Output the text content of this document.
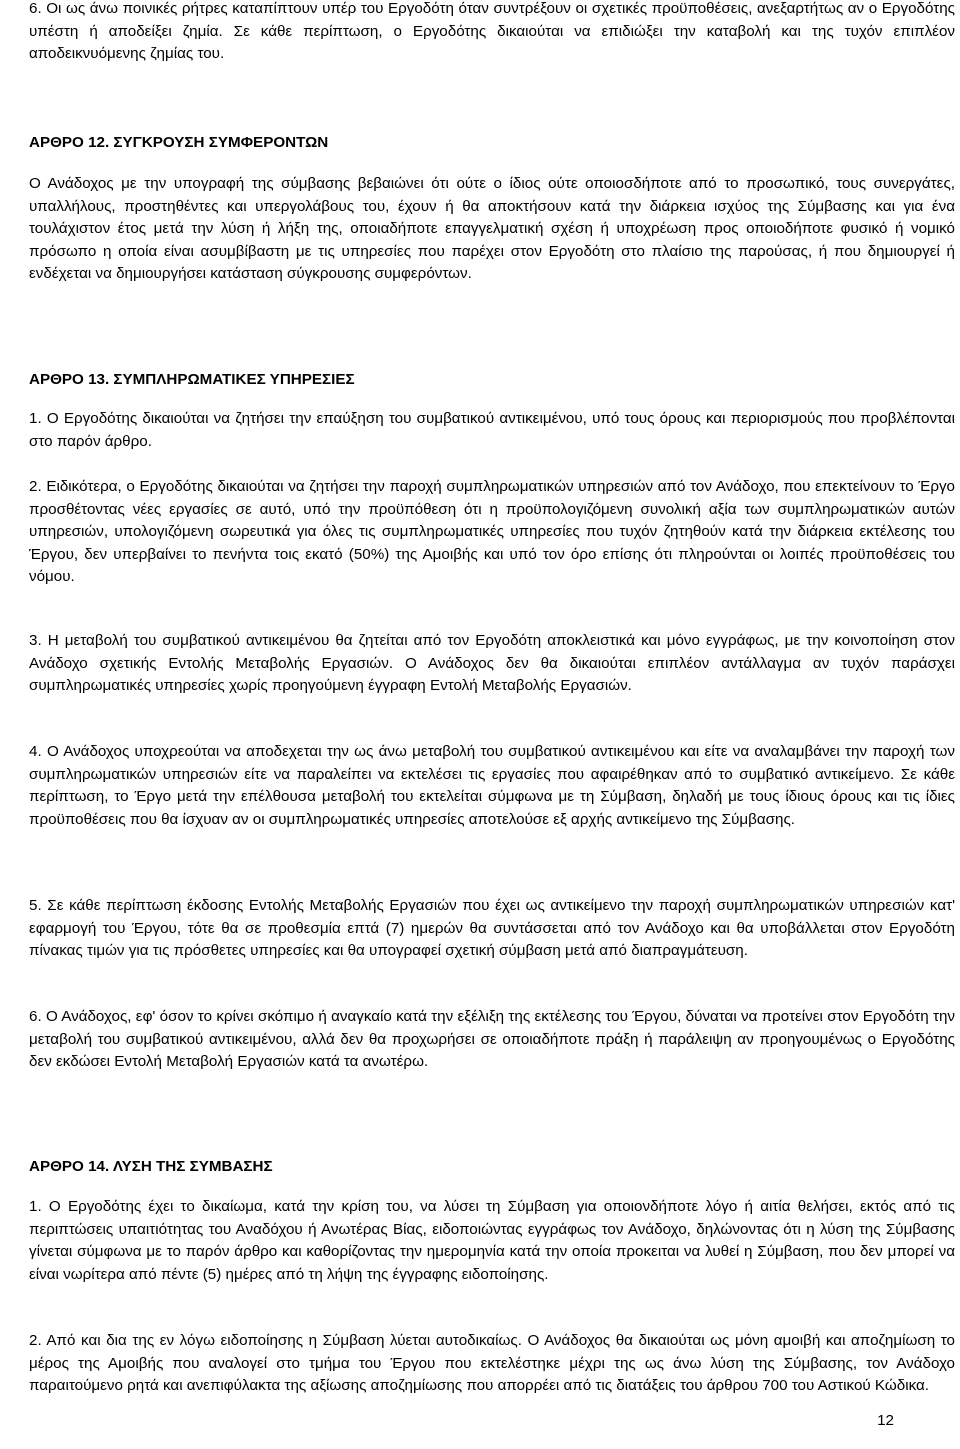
6. Οι ως άνω ποινικές ρήτρες καταπίπτουν υπέρ του Εργοδότη όταν συντρέξουν οι σχετικές προϋποθέσεις, ανεξαρτήτως αν ο Εργοδότης υπέστη ή αποδείξει ζημία. Σε κάθε περίπτωση, ο Εργοδότης δικαιούται να επιδιώξει την καταβολή και της τυχόν επιπλέον αποδεικνυόμενης ζημίας του.

ΑΡΘΡΟ 12. ΣΥΓΚΡΟΥΣΗ ΣΥΜΦΕΡΟΝΤΩΝ

Ο Ανάδοχος με την υπογραφή της σύμβασης βεβαιώνει ότι ούτε ο ίδιος ούτε οποιοσδήποτε από το προσωπικό, τους συνεργάτες, υπαλλήλους, προστηθέντες και υπεργολάβους του, έχουν ή θα αποκτήσουν κατά την διάρκεια ισχύος της Σύμβασης και για ένα τουλάχιστον έτος μετά την λύση ή λήξη της, οποιαδήποτε επαγγελματική σχέση ή υποχρέωση προς οποιοδήποτε φυσικό ή νομικό πρόσωπο η οποία είναι ασυμβίβαστη με τις υπηρεσίες που παρέχει στον Εργοδότη στο πλαίσιο της παρούσας, ή που δημιουργεί ή ενδέχεται να δημιουργήσει κατάσταση σύγκρουσης συμφερόντων.

ΑΡΘΡΟ 13. ΣΥΜΠΛΗΡΩΜΑΤΙΚΕΣ ΥΠΗΡΕΣΙΕΣ

1. Ο Εργοδότης δικαιούται να ζητήσει την επαύξηση του συμβατικού αντικειμένου, υπό τους όρους και περιορισμούς που προβλέπονται στο παρόν άρθρο.

2. Ειδικότερα, ο Εργοδότης δικαιούται να ζητήσει την παροχή συμπληρωματικών υπηρεσιών από τον Ανάδοχο, που επεκτείνουν το Έργο προσθέτοντας νέες εργασίες σε αυτό, υπό την προϋπόθεση ότι η προϋπολογιζόμενη συνολική αξία των συμπληρωματικών αυτών υπηρεσιών, υπολογιζόμενη σωρευτικά για όλες τις συμπληρωματικές υπηρεσίες που τυχόν ζητηθούν κατά την διάρκεια εκτέλεσης του Έργου, δεν υπερβαίνει το πενήντα τοις εκατό (50%) της Αμοιβής και υπό τον όρο επίσης ότι πληρούνται οι λοιπές προϋποθέσεις του νόμου.

3. Η μεταβολή του συμβατικού αντικειμένου θα ζητείται από τον Εργοδότη αποκλειστικά και μόνο εγγράφως, με την κοινοποίηση στον Ανάδοχο σχετικής Εντολής Μεταβολής Εργασιών. Ο Ανάδοχος δεν θα δικαιούται επιπλέον αντάλλαγμα αν τυχόν παράσχει συμπληρωματικές υπηρεσίες χωρίς προηγούμενη έγγραφη Εντολή Μεταβολής Εργασιών.

4. Ο Ανάδοχος υποχρεούται να αποδεχεται την ως άνω μεταβολή του συμβατικού αντικειμένου και είτε να αναλαμβάνει την παροχή των συμπληρωματικών υπηρεσιών είτε να παραλείπει να εκτελέσει τις εργασίες που αφαιρέθηκαν από το συμβατικό αντικείμενο. Σε κάθε περίπτωση, το Έργο μετά την επέλθουσα μεταβολή του εκτελείται σύμφωνα με τη Σύμβαση, δηλαδή με τους ίδιους όρους και τις ίδιες προϋποθέσεις που θα ίσχυαν αν οι συμπληρωματικές υπηρεσίες αποτελούσε εξ αρχής αντικείμενο της Σύμβασης.

5. Σε κάθε περίπτωση έκδοσης Εντολής Μεταβολής Εργασιών που έχει ως αντικείμενο την παροχή συμπληρωματικών υπηρεσιών κατ' εφαρμογή του Έργου, τότε θα σε προθεσμία επτά (7) ημερών θα συντάσσεται από τον Ανάδοχο και θα υποβάλλεται στον Εργοδότη πίνακας τιμών για τις πρόσθετες υπηρεσίες και θα υπογραφεί σχετική σύμβαση μετά από διαπραγμάτευση.

6. Ο Ανάδοχος, εφ' όσον το κρίνει σκόπιμο ή αναγκαίο κατά την εξέλιξη της εκτέλεσης του Έργου, δύναται να προτείνει στον Εργοδότη την μεταβολή του συμβατικού αντικειμένου, αλλά δεν θα προχωρήσει σε οποιαδήποτε πράξη ή παράλειψη αν προηγουμένως ο Εργοδότης δεν εκδώσει Εντολή Μεταβολή Εργασιών κατά τα ανωτέρω.

ΑΡΘΡΟ 14. ΛΥΣΗ ΤΗΣ ΣΥΜΒΑΣΗΣ

1. Ο Εργοδότης έχει το δικαίωμα, κατά την κρίση του, να λύσει τη Σύμβαση για οποιονδήποτε λόγο ή αιτία θελήσει, εκτός από τις περιπτώσεις υπαιτιότητας του Αναδόχου ή Ανωτέρας Βίας, ειδοποιώντας εγγράφως τον Ανάδοχο, δηλώνοντας ότι η λύση της Σύμβασης γίνεται σύμφωνα με το παρόν άρθρο και καθορίζοντας την ημερομηνία κατά την οποία προκειται να λυθεί η Σύμβαση, που δεν μπορεί να είναι νωρίτερα από πέντε (5) ημέρες από τη λήψη της έγγραφης ειδοποίησης.

2. Από και δια της εν λόγω ειδοποίησης η Σύμβαση λύεται αυτοδικαίως. Ο Ανάδοχος θα δικαιούται ως μόνη αμοιβή και αποζημίωση το μέρος της Αμοιβής που αναλογεί στο τμήμα του Έργου που εκτελέστηκε μέχρι της ως άνω λύση της Σύμβασης, τον Ανάδοχο παραιτούμενο ρητά και ανεπιφύλακτα της αξίωσης αποζημίωσης που απορρέει από τις διατάξεις του άρθρου 700 του Αστικού Κώδικα.

12
